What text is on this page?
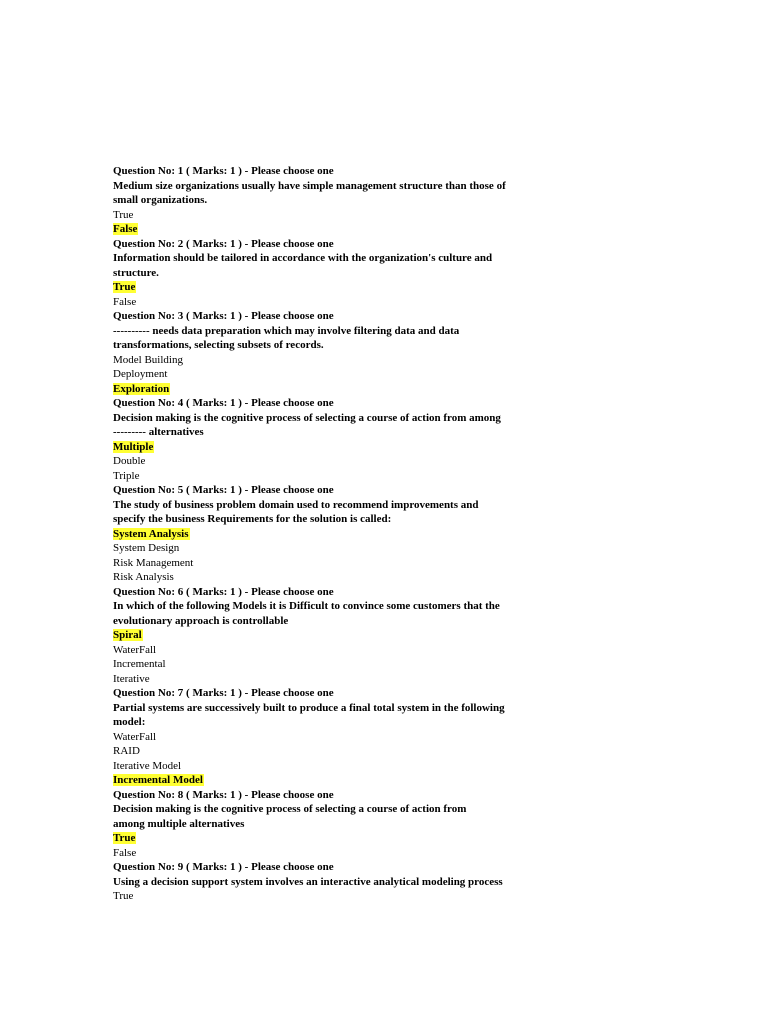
Question No: 1 ( Marks: 1 ) - Please choose one
Medium size organizations usually have simple management structure than those of
small organizations.
True
False
Question No: 2 ( Marks: 1 ) - Please choose one
Information should be tailored in accordance with the organization's culture and
structure.
True
False
Question No: 3 ( Marks: 1 ) - Please choose one
---------- needs data preparation which may involve filtering data and data
transformations, selecting subsets of records.
Model Building
Deployment
Exploration
Question No: 4 ( Marks: 1 ) - Please choose one
Decision making is the cognitive process of selecting a course of action from among
--------- alternatives
Multiple
Double
Triple
Question No: 5 ( Marks: 1 ) - Please choose one
The study of business problem domain used to recommend improvements and
specify the business Requirements for the solution is called:
System Analysis
System Design
Risk Management
Risk Analysis
Question No: 6 ( Marks: 1 ) - Please choose one
In which of the following Models it is Difficult to convince some customers that the
evolutionary approach is controllable
Spiral
WaterFall
Incremental
Iterative
Question No: 7 ( Marks: 1 ) - Please choose one
Partial systems are successively built to produce a final total system in the following
model:
WaterFall
RAID
Iterative Model
Incremental Model
Question No: 8 ( Marks: 1 ) - Please choose one
Decision making is the cognitive process of selecting a course of action from
among multiple alternatives
True
False
Question No: 9 ( Marks: 1 ) - Please choose one
Using a decision support system involves an interactive analytical modeling process
True
